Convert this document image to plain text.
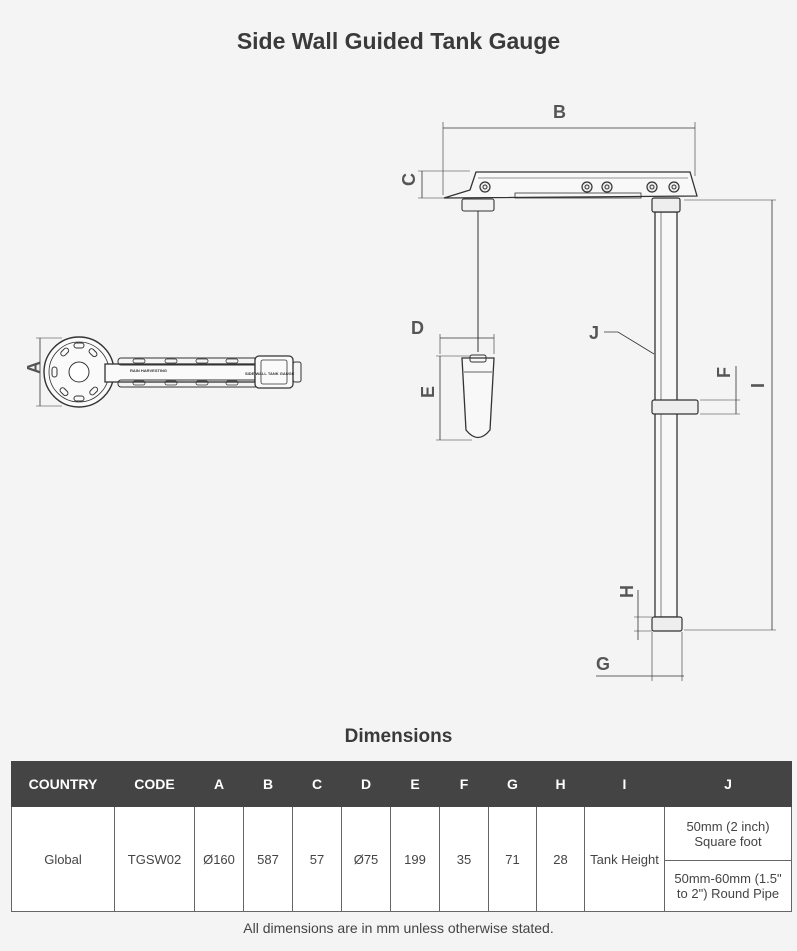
Side Wall Guided Tank Gauge
RAIN HARVESTING
SIDE WALL TANK GAUGE
A
B
C
D
E
J
F
I
H
G
Dimensions
COUNTRY	CODE	A	B	C	D	E	F	G	H	I	J
Global	TGSW02	Ø160	587	57	Ø75	199	35	71	28	Tank Height	50mm (2 inch) Square foot
											50mm-60mm (1.5" to 2") Round Pipe
All dimensions are in mm unless otherwise stated.
